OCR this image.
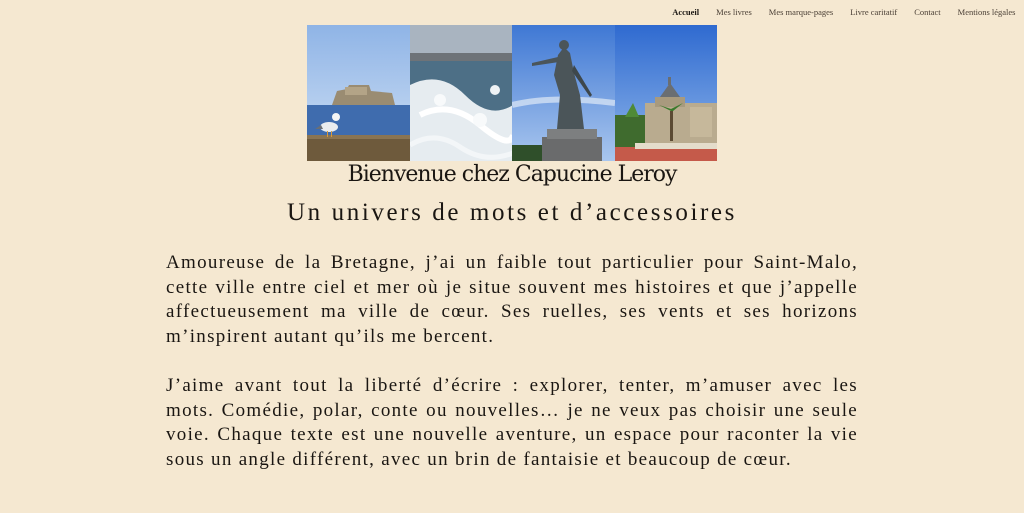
Accueil	Mes livres	Mes marque-pages	Livre caritatif	Contact	Mentions légales
Bienvenue chez Capucine Leroy
Un univers de mots et d’accessoires

Amoureuse de la Bretagne, j’ai un faible tout particulier pour Saint-Malo, cette ville entre ciel et mer où je situe souvent mes histoires et que j’appelle affectueusement ma ville de cœur. Ses ruelles, ses vents et ses horizons m’inspirent autant qu’ils me bercent.

J’aime avant tout la liberté d’écrire : explorer, tenter, m’amuser avec les mots. Comédie, polar, conte ou nouvelles… je ne veux pas choisir une seule voie. Chaque texte est une nouvelle aventure, un espace pour raconter la vie sous un angle différent, avec un brin de fantaisie et beaucoup de cœur.
